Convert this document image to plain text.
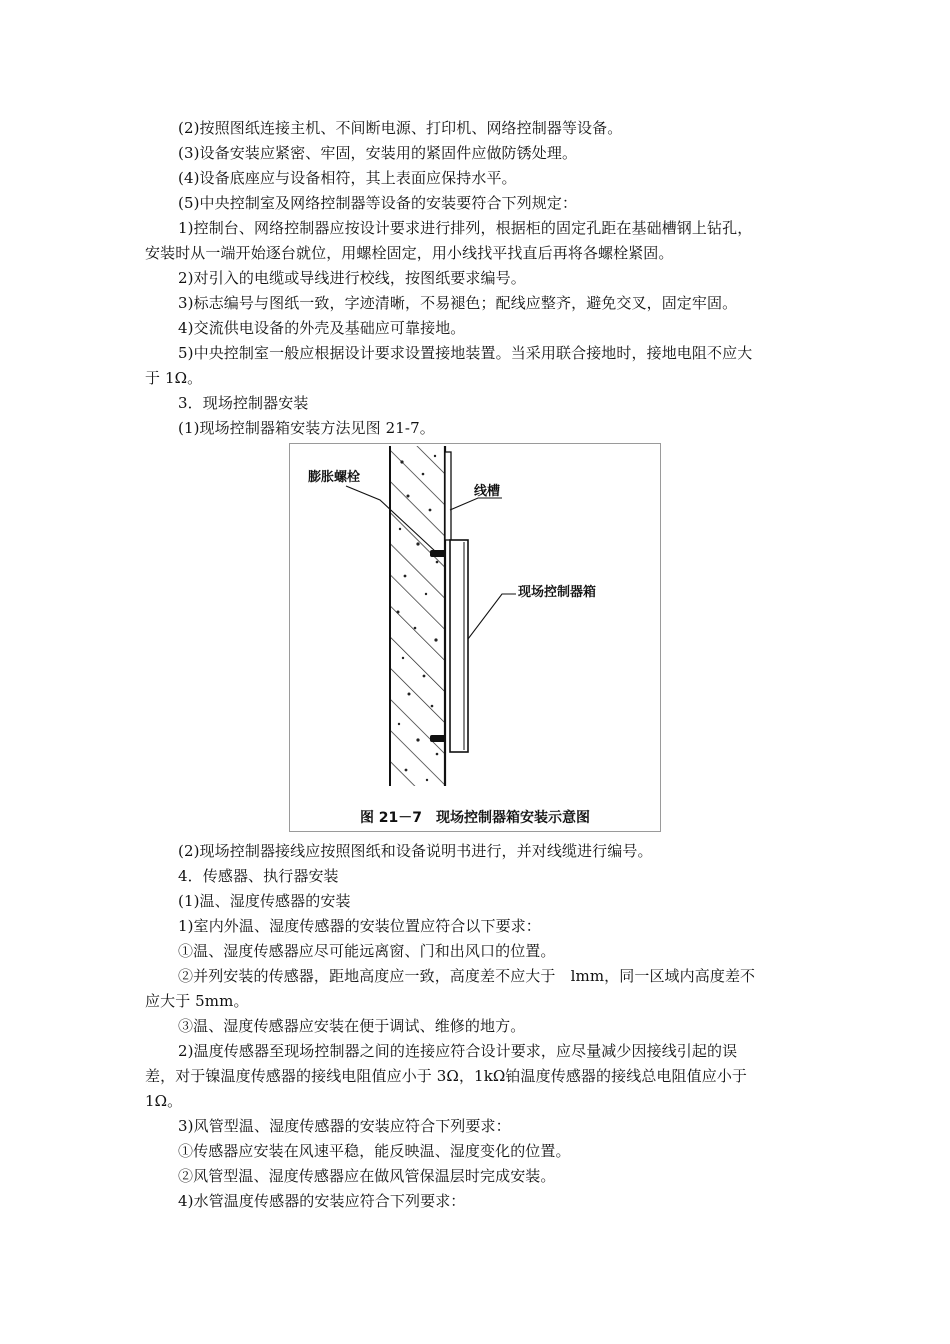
(2)按照图纸连接主机、不间断电源、打印机、网络控制器等设备。
(3)设备安装应紧密、牢固，安装用的紧固件应做防锈处理。
(4)设备底座应与设备相符，其上表面应保持水平。
(5)中央控制室及网络控制器等设备的安装要符合下列规定：
1)控制台、网络控制器应按设计要求进行排列，根据柜的固定孔距在基础槽钢上钻孔，
安装时从一端开始逐台就位，用螺栓固定，用小线找平找直后再将各螺栓紧固。
2)对引入的电缆或导线进行校线，按图纸要求编号。
3)标志编号与图纸一致，字迹清晰，不易褪色；配线应整齐，避免交叉，固定牢固。
4)交流供电设备的外壳及基础应可靠接地。
5)中央控制室一般应根据设计要求设置接地装置。当采用联合接地时，接地电阻不应大
于 1Ω。
3．现场控制器安装
(1)现场控制器箱安装方法见图 21-7。
膨胀螺栓
线槽
现场控制器箱
图 21－7　现场控制器箱安装示意图
(2)现场控制器接线应按照图纸和设备说明书进行，并对线缆进行编号。
4．传感器、执行器安装
(1)温、湿度传感器的安装
1)室内外温、湿度传感器的安装位置应符合以下要求：
①温、湿度传感器应尽可能远离窗、门和出风口的位置。
②并列安装的传感器，距地高度应一致，高度差不应大于　lmm，同一区域内高度差不
应大于 5mm。
③温、湿度传感器应安装在便于调试、维修的地方。
2)温度传感器至现场控制器之间的连接应符合设计要求，应尽量减少因接线引起的误
差，对于镍温度传感器的接线电阻值应小于 3Ω，1kΩ铂温度传感器的接线总电阻值应小于
1Ω。
3)风管型温、湿度传感器的安装应符合下列要求：
①传感器应安装在风速平稳，能反映温、湿度变化的位置。
②风管型温、湿度传感器应在做风管保温层时完成安装。
4)水管温度传感器的安装应符合下列要求：
